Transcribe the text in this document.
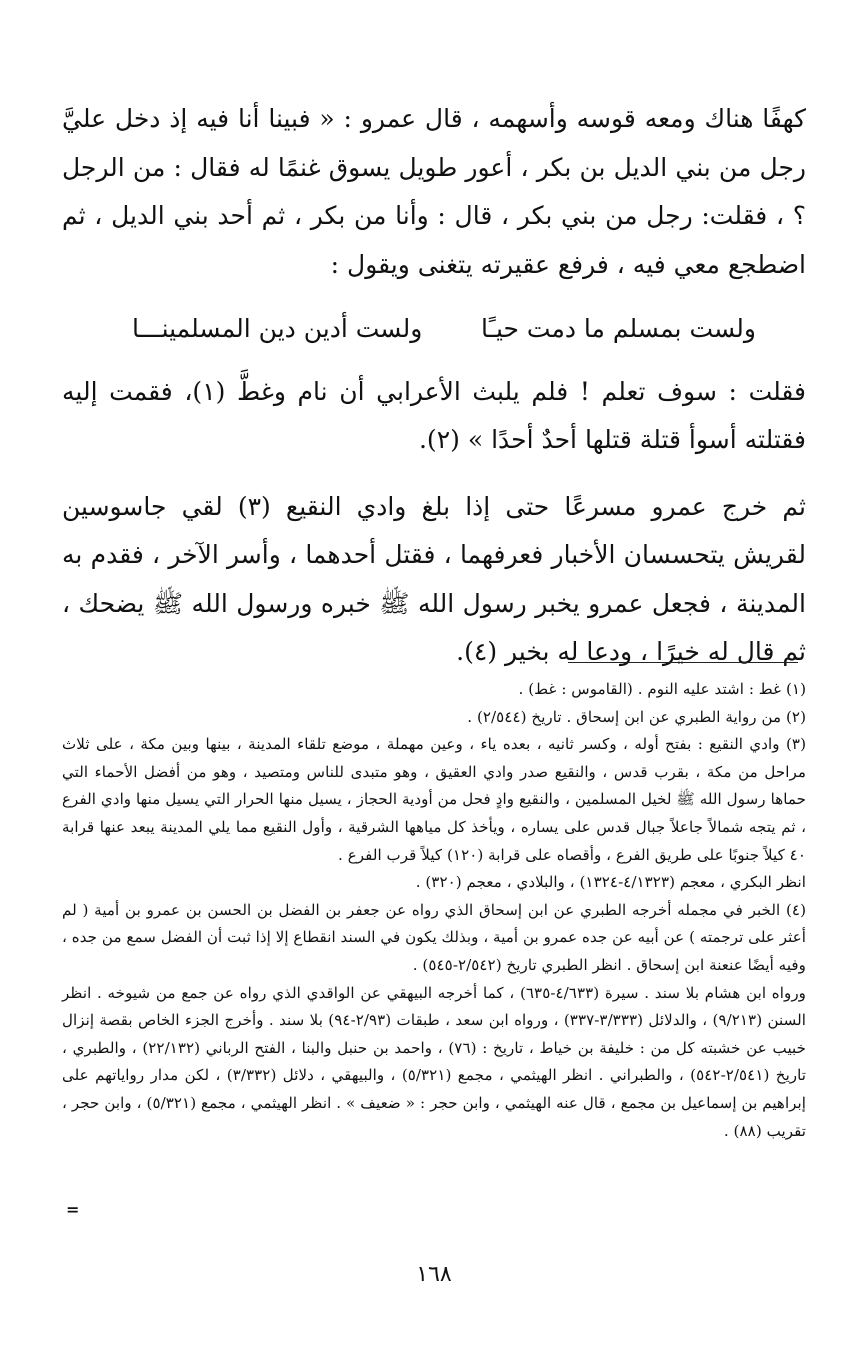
كهفًا هناك ومعه قوسه وأسهمه ، قال عمرو : « فبينا أنا فيه إذ دخل عليَّ رجل من بني الديل بن بكر ، أعور طويل يسوق غنمًا له فقال : من الرجل ؟ ، فقلت: رجل من بني بكر ، قال : وأنا من بكر ، ثم أحد بني الديل ، ثم اضطجع معي فيه ، فرفع عقيرته يتغنى ويقول :

ولست بمسلم ما دمت حيـًا
ولست أدين دين المسلمينـــا

فقلت : سوف تعلم ! فلم يلبث الأعرابي أن نام وغطَّ (١)، فقمت إليه فقتلته أسوأ قتلة قتلها أحدٌ أحدًا » (٢).

ثم خرج عمرو مسرعًا حتى إذا بلغ وادي النقيع (٣) لقي جاسوسين لقريش يتحسسان الأخبار فعرفهما ، فقتل أحدهما ، وأسر الآخر ، فقدم به المدينة ، فجعل عمرو يخبر رسول الله ﷺ خبره ورسول الله ﷺ يضحك ، ثم قال له خيرًا ، ودعا له بخير (٤).

(١) غط : اشتد عليه النوم . (القاموس : غط) .

(٢) من رواية الطبري عن ابن إسحاق . تاريخ (٢/٥٤٤) .

(٣) وادي النقيع : بفتح أوله ، وكسر ثانيه ، بعده ياء ، وعين مهملة ، موضع تلقاء المدينة ، بينها وبين مكة ، على ثلاث مراحل من مكة ، بقرب قدس ، والنقيع صدر وادي العقيق ، وهو متبدى للناس ومتصيد ، وهو من أفضل الأحماء التي حماها رسول الله ﷺ لخيل المسلمين ، والنقيع وادٍ فحل من أودية الحجاز ، يسيل منها الحرار التي يسيل منها وادي الفرع ، ثم يتجه شمالاً جاعلاً جبال قدس على يساره ، ويأخذ كل مياهها الشرقية ، وأول النقيع مما يلي المدينة يبعد عنها قرابة ٤٠ كيلاً جنوبًا على طريق الفرع ، وأقصاه على قرابة (١٢٠) كيلاً قرب الفرع .

انظر البكري ، معجم (٤/١٣٢٣-١٣٢٤) ، والبلادي ، معجم (٣٢٠) .

(٤) الخبر في مجمله أخرجه الطبري عن ابن إسحاق الذي رواه عن جعفر بن الفضل بن الحسن بن عمرو بن أمية ( لم أعثر على ترجمته ) عن أبيه عن جده عمرو بن أمية ، وبذلك يكون في السند انقطاع إلا إذا ثبت أن الفضل سمع من جده ، وفيه أيضًا عنعنة ابن إسحاق . انظر الطبري تاريخ (٢/٥٤٢-٥٤٥) .

ورواه ابن هشام بلا سند . سيرة (٤/٦٣٣-٦٣٥) ، كما أخرجه البيهقي عن الواقدي الذي رواه عن جمع من شيوخه . انظر السنن (٩/٢١٣) ، والدلائل (٣/٣٣٣-٣٣٧) ، ورواه ابن سعد ، طبقات (٢/٩٣-٩٤) بلا سند . وأخرج الجزء الخاص بقصة إنزال خبيب عن خشبته كل من : خليفة بن خياط ، تاريخ : (٧٦) ، واحمد بن حنبل والبنا ، الفتح الرباني (٢٢/١٣٢) ، والطبري ، تاريخ (٢/٥٤١-٥٤٢) ، والطبراني . انظر الهيثمي ، مجمع (٥/٣٢١) ، والبيهقي ، دلائل (٣/٣٣٢) ، لكن مدار رواياتهم على إبراهيم بن إسماعيل بن مجمع ، قال عنه الهيثمي ، وابن حجر : « ضعيف » . انظر الهيثمي ، مجمع (٥/٣٢١) ، وابن حجر ، تقريب (٨٨) .

=
١٦٨
